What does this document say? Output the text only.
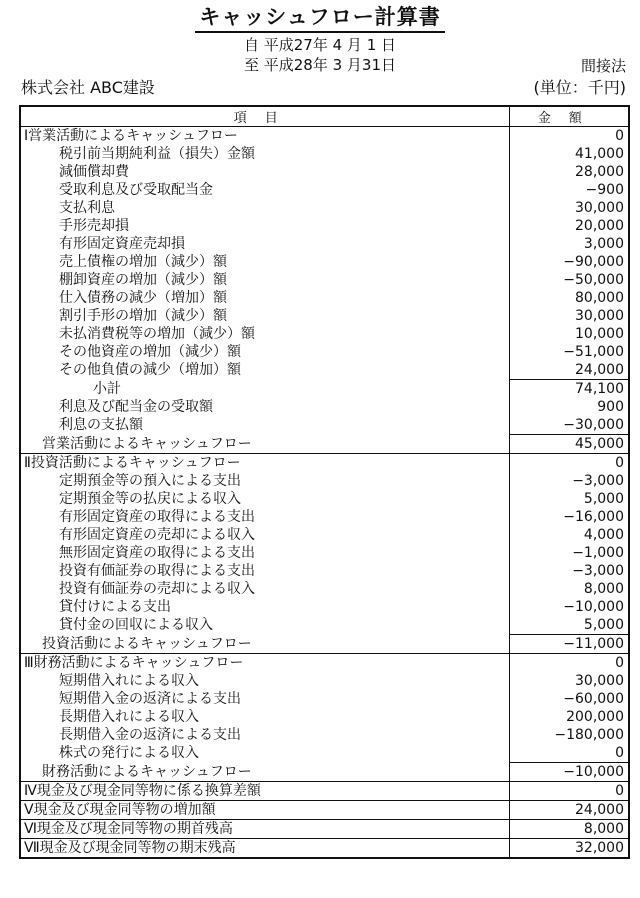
キャッシュフロー計算書
自 平成27年 4 月 1 日
至 平成28年 3 月31日	間接法
株式会社 ABC建設	(単位：千円)
項目	金額
Ⅰ営業活動によるキャッシュフロー	0
税引前当期純利益（損失）金額	41,000
減価償却費	28,000
受取利息及び受取配当金	−900
支払利息	30,000
手形売却損	20,000
有形固定資産売却損	3,000
売上債権の増加（減少）額	−90,000
棚卸資産の増加（減少）額	−50,000
仕入債務の減少（増加）額	80,000
割引手形の増加（減少）額	30,000
未払消費税等の増加（減少）額	10,000
その他資産の増加（減少）額	−51,000
その他負債の減少（増加）額	24,000
小計	74,100
利息及び配当金の受取額	900
利息の支払額	−30,000
営業活動によるキャッシュフロー	45,000
Ⅱ投資活動によるキャッシュフロー	0
定期預金等の預入による支出	−3,000
定期預金等の払戻による収入	5,000
有形固定資産の取得による支出	−16,000
有形固定資産の売却による収入	4,000
無形固定資産の取得による支出	−1,000
投資有価証券の取得による支出	−3,000
投資有価証券の売却による収入	8,000
貸付けによる支出	−10,000
貸付金の回収による収入	5,000
投資活動によるキャッシュフロー	−11,000
Ⅲ財務活動によるキャッシュフロー	0
短期借入れによる収入	30,000
短期借入金の返済による支出	−60,000
長期借入れによる収入	200,000
長期借入金の返済による支出	−180,000
株式の発行による収入	0
財務活動によるキャッシュフロー	−10,000
Ⅳ現金及び現金同等物に係る換算差額	0
Ⅴ現金及び現金同等物の増加額	24,000
Ⅵ現金及び現金同等物の期首残高	8,000
Ⅶ現金及び現金同等物の期末残高	32,000
